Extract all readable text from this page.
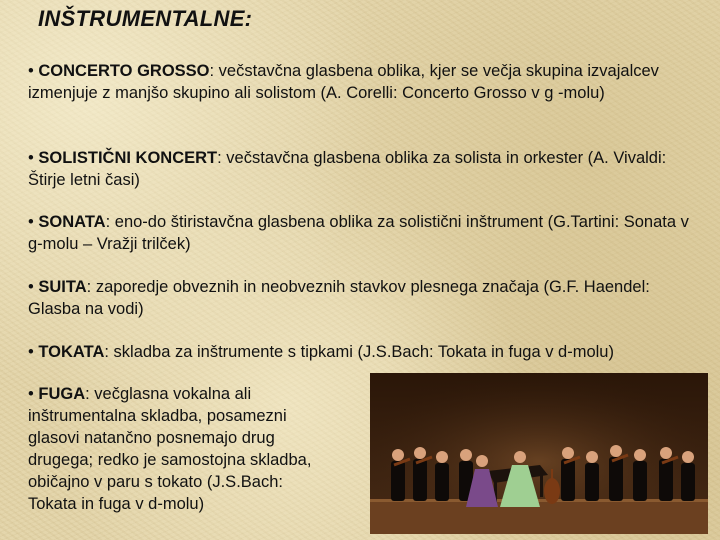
INŠTRUMENTALNE:

• CONCERTO GROSSO: večstavčna glasbena oblika, kjer se večja skupina izvajalcev izmenjuje z manjšo skupino ali solistom (A. Corelli: Concerto Grosso v g -molu)

• SOLISTIČNI KONCERT: večstavčna glasbena oblika za solista in orkester (A. Vivaldi: Štirje letni časi)

• SONATA: eno-do štiristavčna glasbena oblika za solistični inštrument (G.Tartini: Sonata v g-molu – Vražji trilček)

• SUITA: zaporedje obveznih in neobveznih stavkov plesnega značaja (G.F. Haendel: Glasba na vodi)

• TOKATA: skladba za inštrumente s tipkami (J.S.Bach: Tokata in fuga v d-molu)

• FUGA: večglasna vokalna ali inštrumentalna skladba, posamezni glasovi natančno posnemajo drug drugega; redko je samostojna skladba, običajno v paru s tokato (J.S.Bach: Tokata in fuga v d-molu)
